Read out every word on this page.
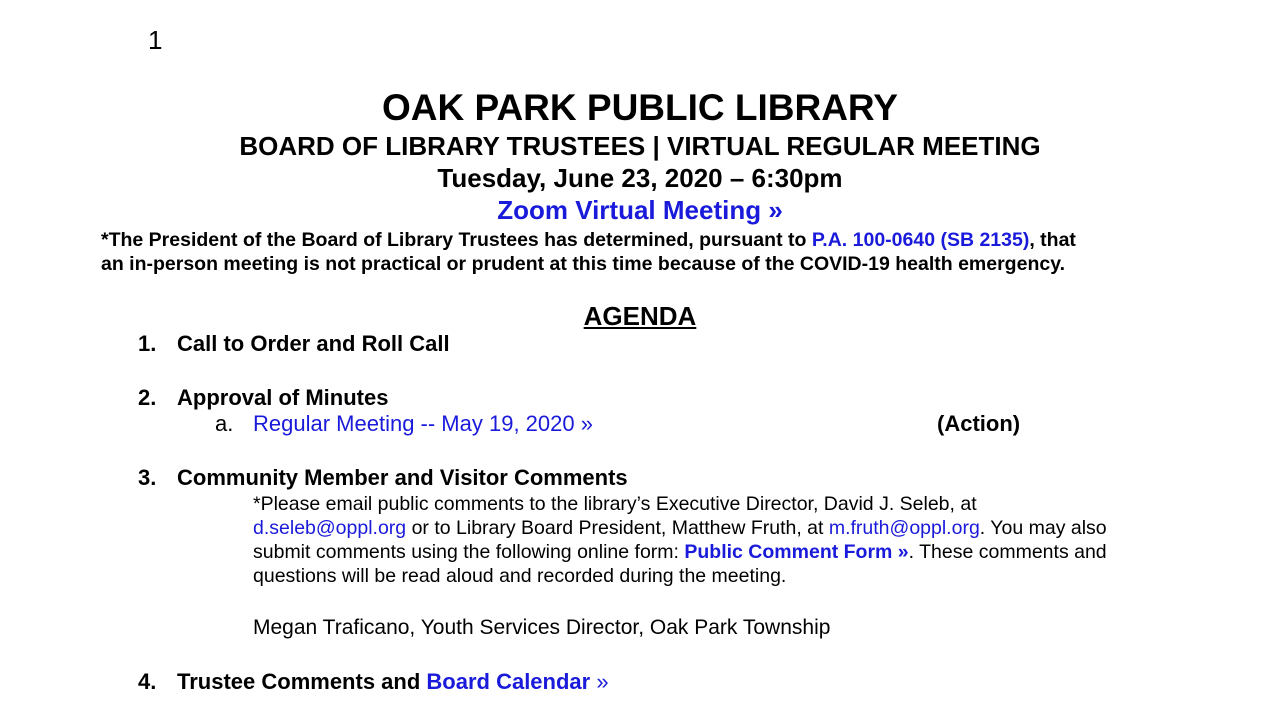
1
OAK PARK PUBLIC LIBRARY
BOARD OF LIBRARY TRUSTEES | VIRTUAL REGULAR MEETING
Tuesday, June 23, 2020 – 6:30pm
Zoom Virtual Meeting »
*The President of the Board of Library Trustees has determined, pursuant to P.A. 100-0640 (SB 2135), that
an in-person meeting is not practical or prudent at this time because of the COVID-19 health emergency.
AGENDA
1. Call to Order and Roll Call
2. Approval of Minutes
a. Regular Meeting -- May 19, 2020 »	(Action)
3. Community Member and Visitor Comments
*Please email public comments to the library’s Executive Director, David J. Seleb, at
d.seleb@oppl.org or to Library Board President, Matthew Fruth, at m.fruth@oppl.org. You may also
submit comments using the following online form: Public Comment Form ». These comments and
questions will be read aloud and recorded during the meeting.
Megan Traficano, Youth Services Director, Oak Park Township
4. Trustee Comments and Board Calendar »
